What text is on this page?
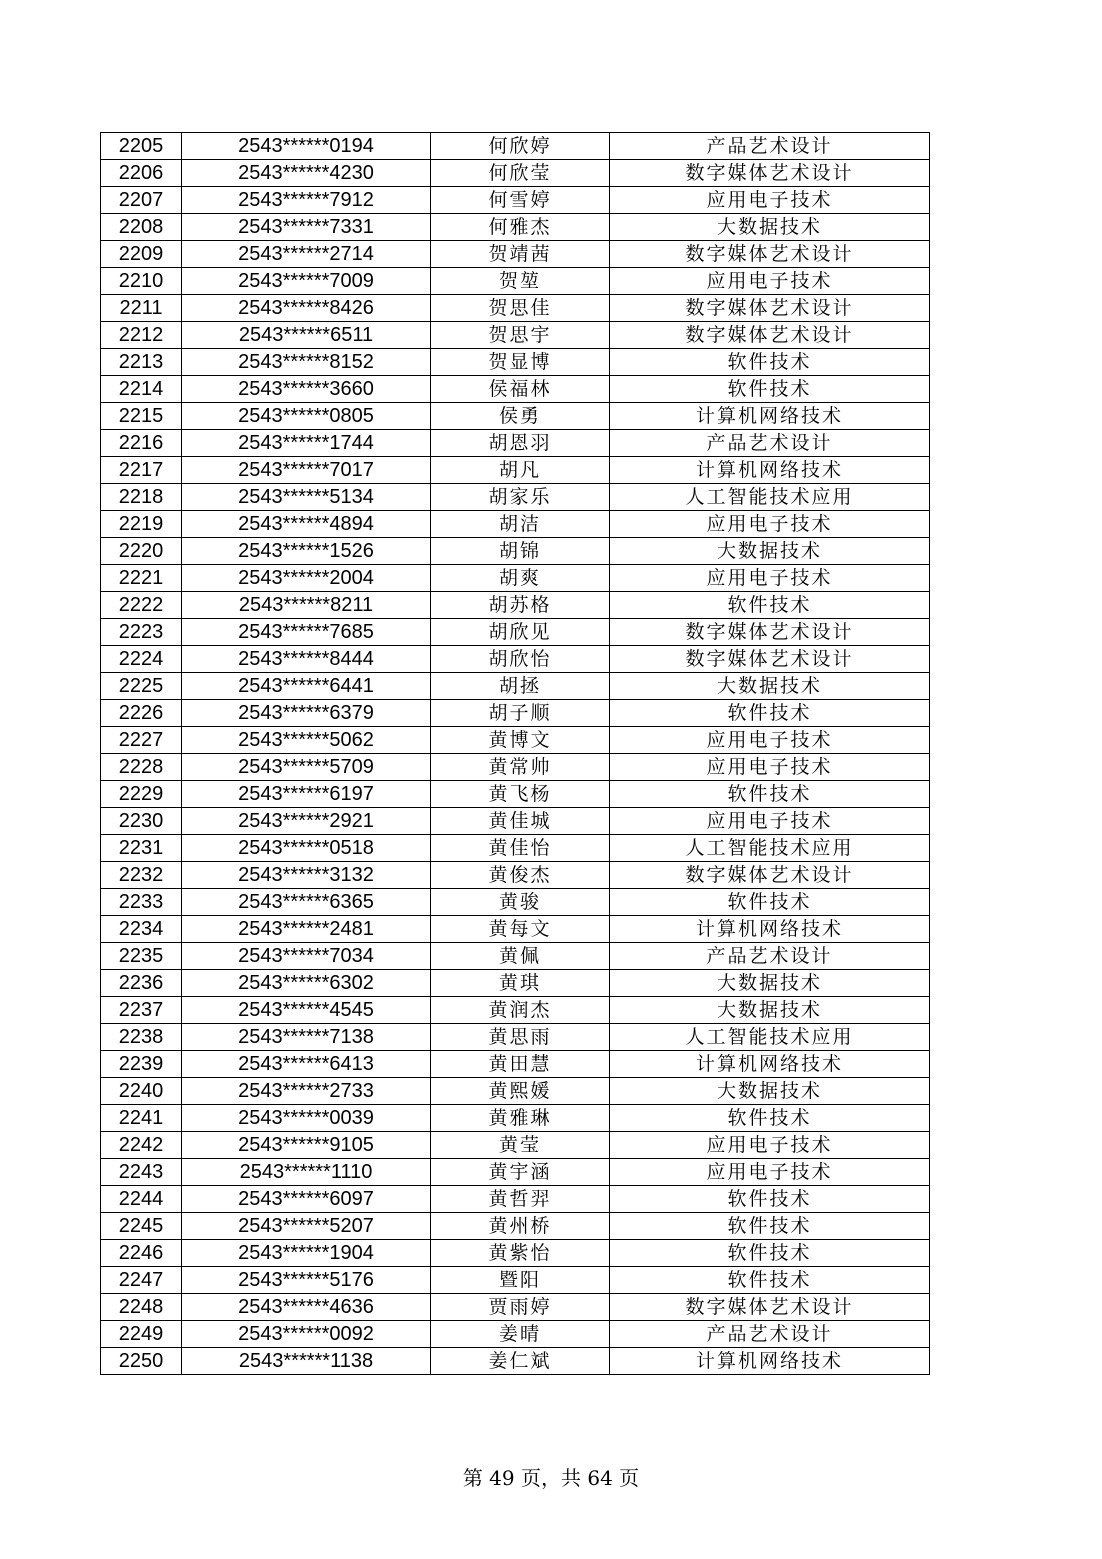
2205	2543******0194	何欣婷	产品艺术设计
2206	2543******4230	何欣莹	数字媒体艺术设计
2207	2543******7912	何雪婷	应用电子技术
2208	2543******7331	何雅杰	大数据技术
2209	2543******2714	贺靖茜	数字媒体艺术设计
2210	2543******7009	贺堃	应用电子技术
2211	2543******8426	贺思佳	数字媒体艺术设计
2212	2543******6511	贺思宇	数字媒体艺术设计
2213	2543******8152	贺显博	软件技术
2214	2543******3660	侯福林	软件技术
2215	2543******0805	侯勇	计算机网络技术
2216	2543******1744	胡恩羽	产品艺术设计
2217	2543******7017	胡凡	计算机网络技术
2218	2543******5134	胡家乐	人工智能技术应用
2219	2543******4894	胡洁	应用电子技术
2220	2543******1526	胡锦	大数据技术
2221	2543******2004	胡爽	应用电子技术
2222	2543******8211	胡苏格	软件技术
2223	2543******7685	胡欣见	数字媒体艺术设计
2224	2543******8444	胡欣怡	数字媒体艺术设计
2225	2543******6441	胡拯	大数据技术
2226	2543******6379	胡子顺	软件技术
2227	2543******5062	黄博文	应用电子技术
2228	2543******5709	黄常帅	应用电子技术
2229	2543******6197	黄飞杨	软件技术
2230	2543******2921	黄佳城	应用电子技术
2231	2543******0518	黄佳怡	人工智能技术应用
2232	2543******3132	黄俊杰	数字媒体艺术设计
2233	2543******6365	黄骏	软件技术
2234	2543******2481	黄每文	计算机网络技术
2235	2543******7034	黄佩	产品艺术设计
2236	2543******6302	黄琪	大数据技术
2237	2543******4545	黄润杰	大数据技术
2238	2543******7138	黄思雨	人工智能技术应用
2239	2543******6413	黄田慧	计算机网络技术
2240	2543******2733	黄熙媛	大数据技术
2241	2543******0039	黄雅琳	软件技术
2242	2543******9105	黄莹	应用电子技术
2243	2543******1110	黄宇涵	应用电子技术
2244	2543******6097	黄哲羿	软件技术
2245	2543******5207	黄州桥	软件技术
2246	2543******1904	黄紫怡	软件技术
2247	2543******5176	暨阳	软件技术
2248	2543******4636	贾雨婷	数字媒体艺术设计
2249	2543******0092	姜晴	产品艺术设计
2250	2543******1138	姜仁斌	计算机网络技术
第 49 页，共 64 页
